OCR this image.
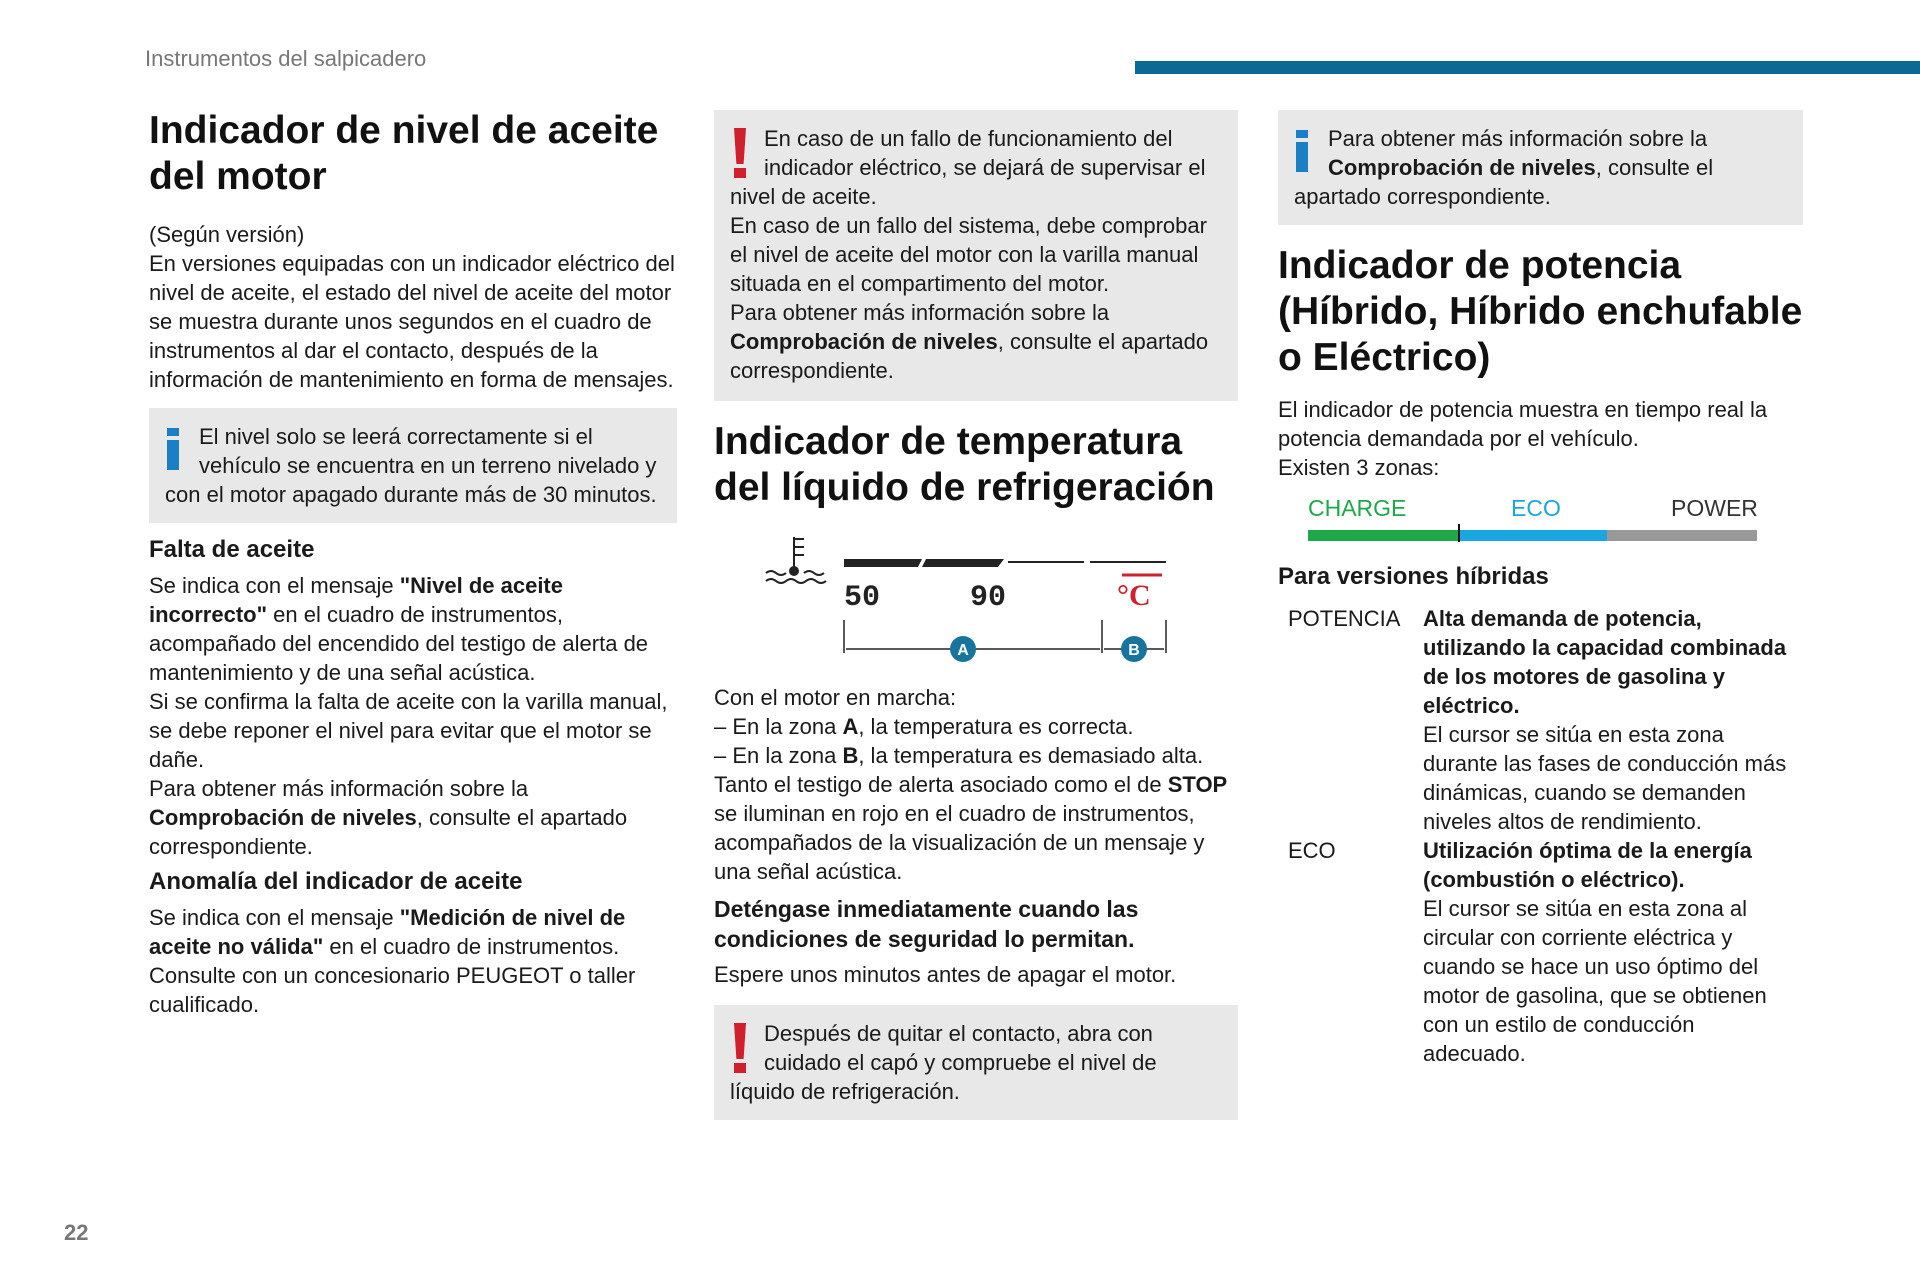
Instrumentos del salpicadero
22
Indicador de nivel de aceite del motor
(Según versión)
En versiones equipadas con un indicador eléctrico del nivel de aceite, el estado del nivel de aceite del motor se muestra durante unos segundos en el cuadro de instrumentos al dar el contacto, después de la información de mantenimiento en forma de mensajes.
El nivel solo se leerá correctamente si el vehículo se encuentra en un terreno nivelado y con el motor apagado durante más de 30 minutos.
Falta de aceite
Se indica con el mensaje "Nivel de aceite incorrecto" en el cuadro de instrumentos, acompañado del encendido del testigo de alerta de mantenimiento y de una señal acústica.
Si se confirma la falta de aceite con la varilla manual, se debe reponer el nivel para evitar que el motor se dañe.
Para obtener más información sobre la Comprobación de niveles, consulte el apartado correspondiente.
Anomalía del indicador de aceite
Se indica con el mensaje "Medición de nivel de aceite no válida" en el cuadro de instrumentos.
Consulte con un concesionario PEUGEOT o taller cualificado.
En caso de un fallo de funcionamiento del indicador eléctrico, se dejará de supervisar el nivel de aceite.
En caso de un fallo del sistema, debe comprobar el nivel de aceite del motor con la varilla manual situada en el compartimento del motor.
Para obtener más información sobre la Comprobación de niveles, consulte el apartado correspondiente.
Indicador de temperatura del líquido de refrigeración
50	90	°C
A	B
Con el motor en marcha:
– En la zona A, la temperatura es correcta.
– En la zona B, la temperatura es demasiado alta. Tanto el testigo de alerta asociado como el de STOP se iluminan en rojo en el cuadro de instrumentos, acompañados de la visualización de un mensaje y una señal acústica.
Deténgase inmediatamente cuando las condiciones de seguridad lo permitan.
Espere unos minutos antes de apagar el motor.
Después de quitar el contacto, abra con cuidado el capó y compruebe el nivel de líquido de refrigeración.
Para obtener más información sobre la Comprobación de niveles, consulte el apartado correspondiente.
Indicador de potencia (Híbrido, Híbrido enchufable o Eléctrico)
El indicador de potencia muestra en tiempo real la potencia demandada por el vehículo.
Existen 3 zonas:
CHARGE	ECO	POWER
Para versiones híbridas
POTENCIA	Alta demanda de potencia, utilizando la capacidad combinada de los motores de gasolina y eléctrico.
El cursor se sitúa en esta zona durante las fases de conducción más dinámicas, cuando se demanden niveles altos de rendimiento.
ECO	Utilización óptima de la energía (combustión o eléctrico).
El cursor se sitúa en esta zona al circular con corriente eléctrica y cuando se hace un uso óptimo del motor de gasolina, que se obtienen con un estilo de conducción adecuado.
